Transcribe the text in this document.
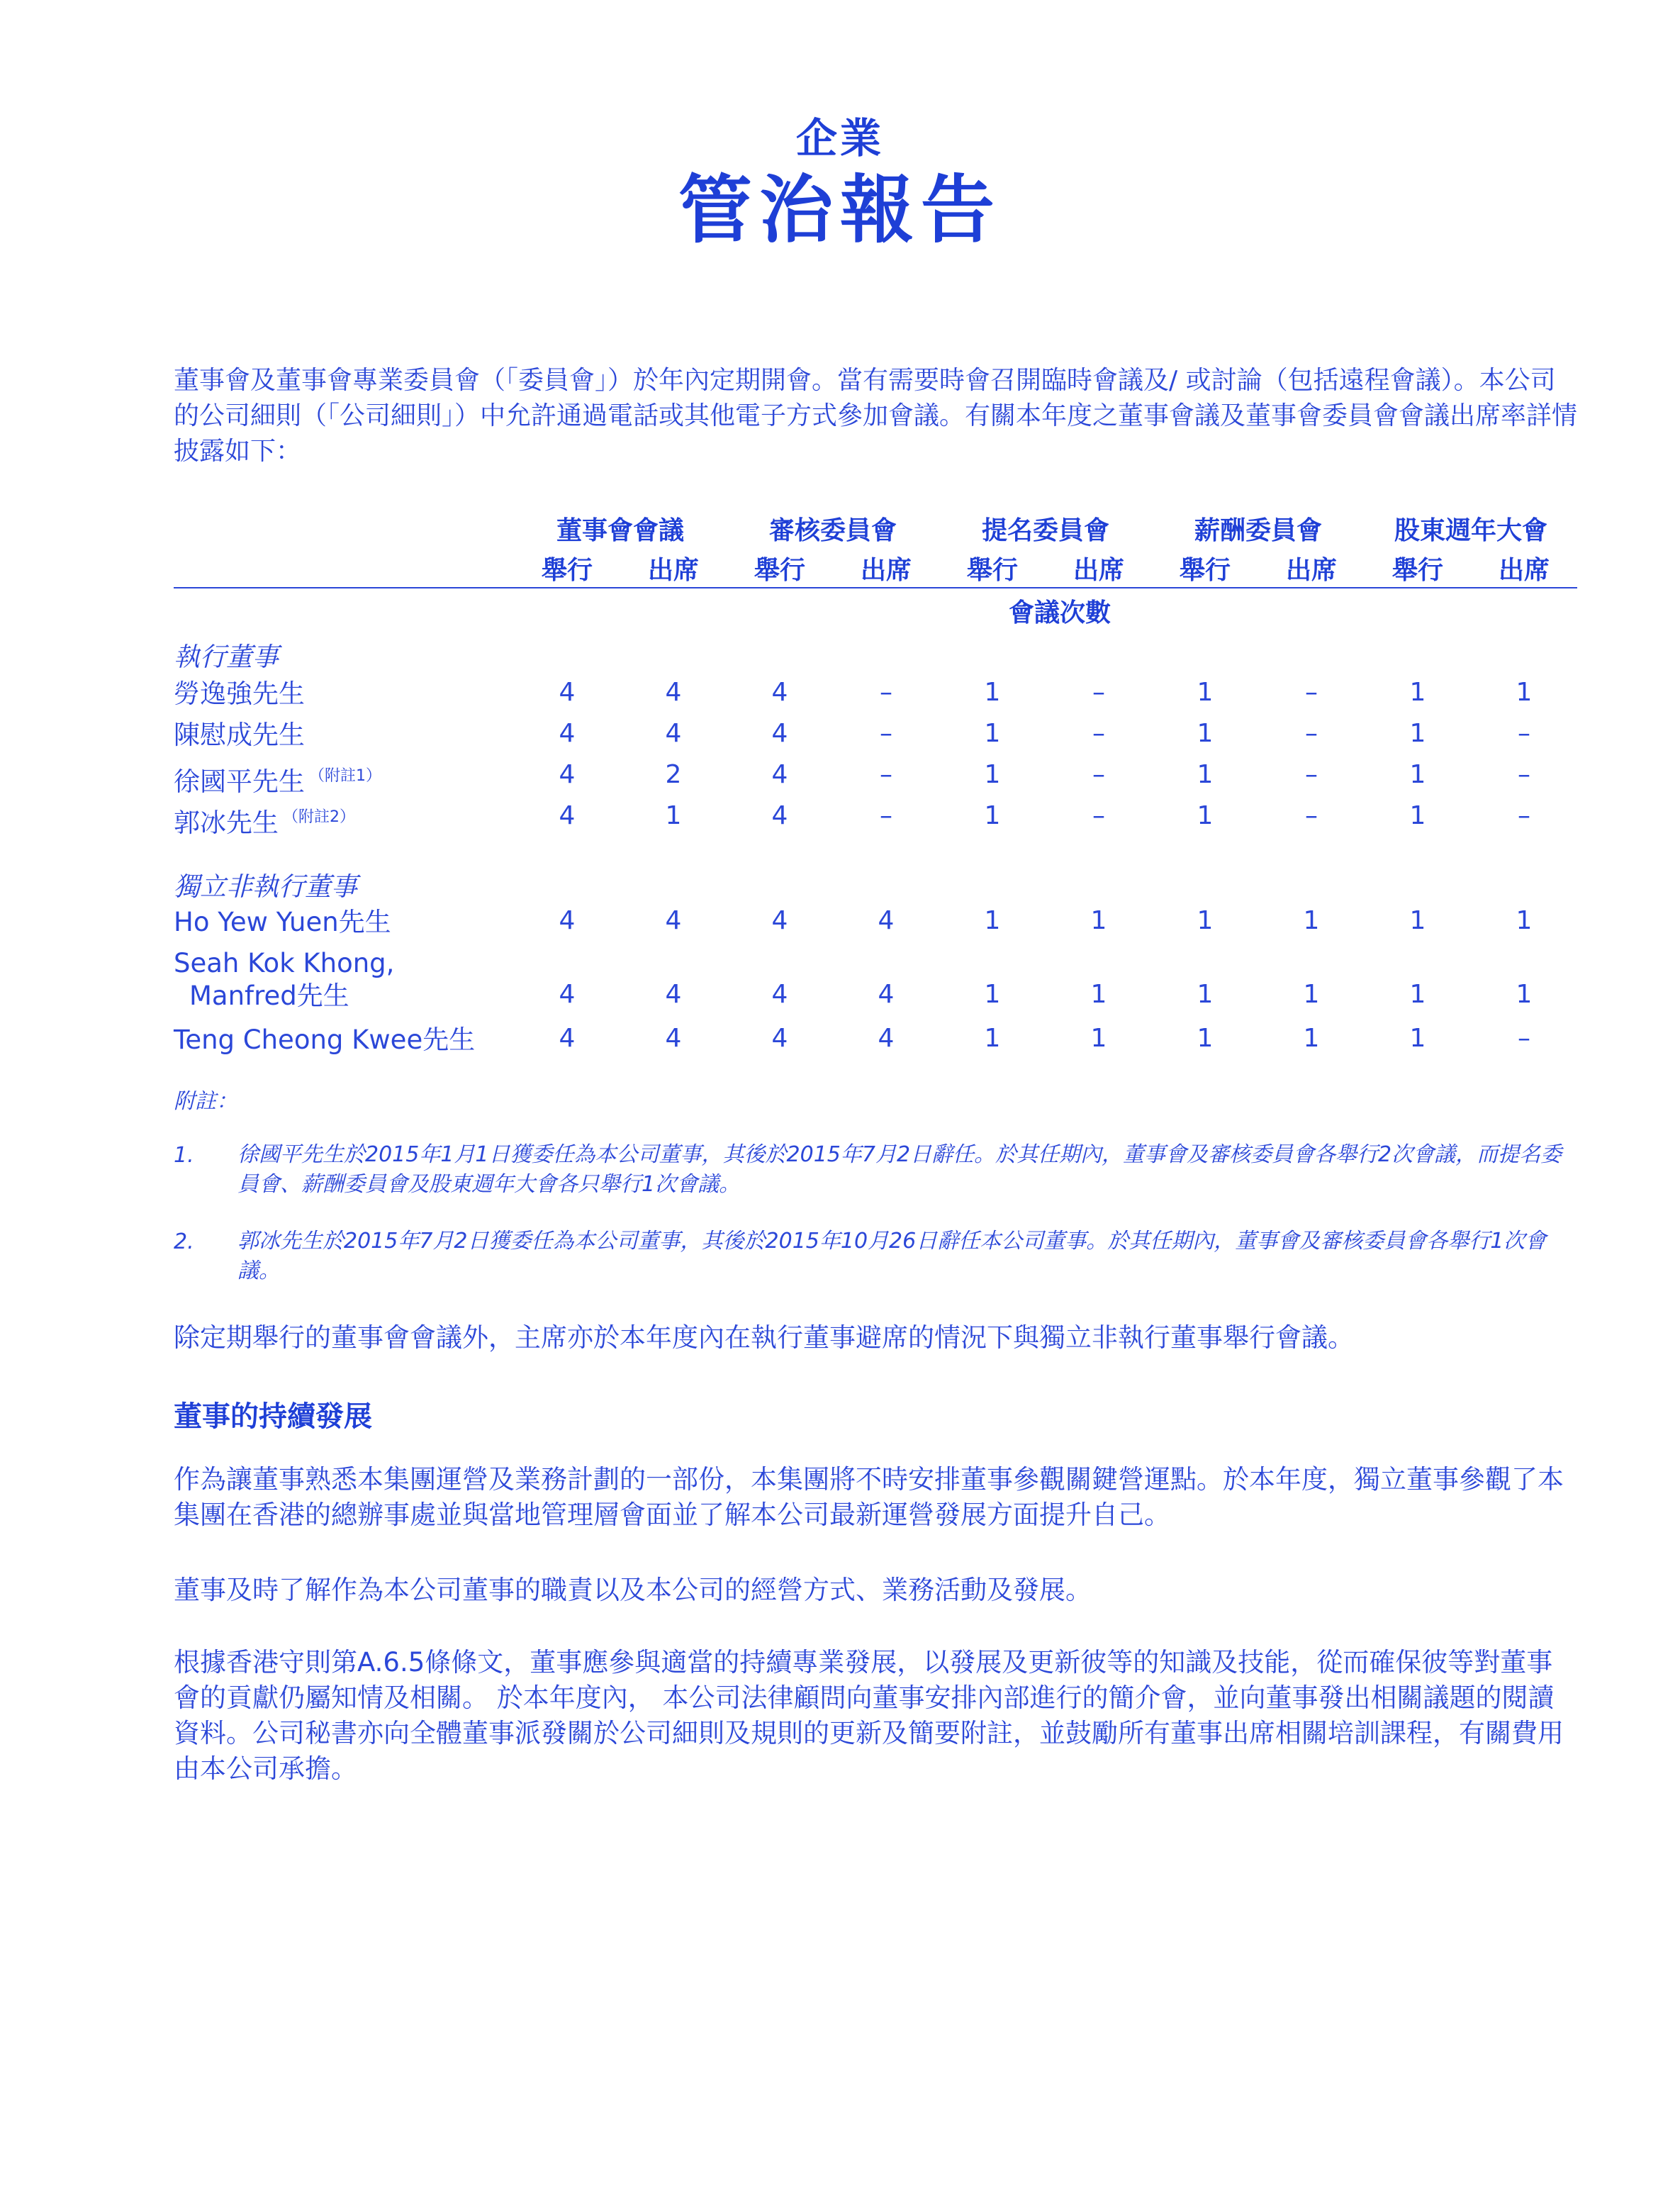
企業
管治報告
董事會及董事會專業委員會（「委員會」）於年內定期開會。當有需要時會召開臨時會議及/ 或討論（包括遠程會議）。本公司的公司細則（「公司細則」）中允許通過電話或其他電子方式參加會議。有關本年度之董事會議及董事會委員會會議出席率詳情披露如下：
董事會會議	審核委員會	提名委員會	薪酬委員會	股東週年大會
舉行	出席	舉行	出席	舉行	出席	舉行	出席	舉行	出席
會議次數
執行董事
勞逸強先生	4	4	4	–	1	–	1	–	1	1
陳慰成先生	4	4	4	–	1	–	1	–	1	–
徐國平先生 $^{(附註1)}$	4	2	4	–	1	–	1	–	1	–
郭冰先生 $^{(附註2)}$	4	1	4	–	1	–	1	–	1	–
獨立非執行董事
Ho Yew Yuen先生	4	4	4	4	1	1	1	1	1	1
Seah Kok Khong,
Manfred先生	4	4	4	4	1	1	1	1	1	1
Teng Cheong Kwee先生	4	4	4	4	1	1	1	1	1	–
附註：
1. 徐國平先生於2015年1月1日獲委任為本公司董事，其後於2015年7月2日辭任。於其任期內，董事會及審核委員會各舉行2次會議，而提名委員會、薪酬委員會及股東週年大會各只舉行1次會議。
2. 郭冰先生於2015年7月2日獲委任為本公司董事，其後於2015年10月26日辭任本公司董事。於其任期內，董事會及審核委員會各舉行1次會議。
除定期舉行的董事會會議外，主席亦於本年度內在執行董事避席的情況下與獨立非執行董事舉行會議。
董事的持續發展
作為讓董事熟悉本集團運營及業務計劃的一部份，本集團將不時安排董事參觀關鍵營運點。於本年度，獨立董事參觀了本集團在香港的總辦事處並與當地管理層會面並了解本公司最新運營發展方面提升自己。
董事及時了解作為本公司董事的職責以及本公司的經營方式、業務活動及發展。
根據香港守則第A.6.5條條文，董事應參與適當的持續專業發展，以發展及更新彼等的知識及技能，從而確保彼等對董事會的貢獻仍屬知情及相關。 於本年度內， 本公司法律顧問向董事安排內部進行的簡介會，並向董事發出相關議題的閱讀資料。公司秘書亦向全體董事派發關於公司細則及規則的更新及簡要附註，並鼓勵所有董事出席相關培訓課程，有關費用由本公司承擔。
